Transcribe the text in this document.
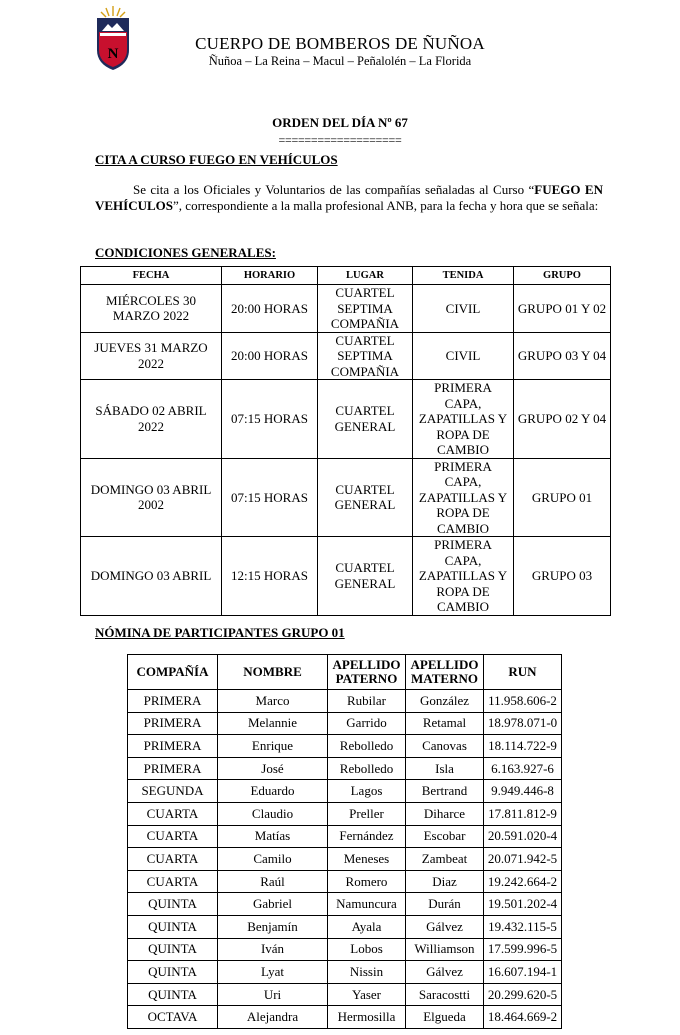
N
CUERPO DE BOMBEROS DE ÑUÑOA
Ñuñoa – La Reina – Macul – Peñalolén – La Florida
ORDEN DEL DÍA Nº 67
===================
CITA A CURSO FUEGO EN VEHÍCULOS

Se cita a los Oficiales y Voluntarios de las compañías señaladas al Curso “FUEGO EN VEHÍCULOS”, correspondiente a la malla profesional ANB, para la fecha y hora que se señala:

CONDICIONES GENERALES:
FECHA	HORARIO	LUGAR	TENIDA	GRUPO
MIÉRCOLES 30 MARZO 2022	20:00 HORAS	CUARTEL SEPTIMA COMPAÑIA	CIVIL	GRUPO 01 Y 02
JUEVES 31 MARZO 2022	20:00 HORAS	CUARTEL SEPTIMA COMPAÑIA	CIVIL	GRUPO 03 Y 04
SÁBADO 02 ABRIL 2022	07:15 HORAS	CUARTEL GENERAL	PRIMERA CAPA, ZAPATILLAS Y ROPA DE CAMBIO	GRUPO 02 Y 04
DOMINGO 03 ABRIL 2002	07:15 HORAS	CUARTEL GENERAL	PRIMERA CAPA, ZAPATILLAS Y ROPA DE CAMBIO	GRUPO 01
DOMINGO 03 ABRIL	12:15 HORAS	CUARTEL GENERAL	PRIMERA CAPA, ZAPATILLAS Y ROPA DE CAMBIO	GRUPO 03
NÓMINA DE PARTICIPANTES GRUPO 01
COMPAÑÍA	NOMBRE	APELLIDO PATERNO	APELLIDO MATERNO	RUN
PRIMERA	Marco	Rubilar	González	11.958.606-2
PRIMERA	Melannie	Garrido	Retamal	18.978.071-0
PRIMERA	Enrique	Rebolledo	Canovas	18.114.722-9
PRIMERA	José	Rebolledo	Isla	6.163.927-6
SEGUNDA	Eduardo	Lagos	Bertrand	9.949.446-8
CUARTA	Claudio	Preller	Diharce	17.811.812-9
CUARTA	Matías	Fernández	Escobar	20.591.020-4
CUARTA	Camilo	Meneses	Zambeat	20.071.942-5
CUARTA	Raúl	Romero	Diaz	19.242.664-2
QUINTA	Gabriel	Namuncura	Durán	19.501.202-4
QUINTA	Benjamín	Ayala	Gálvez	19.432.115-5
QUINTA	Iván	Lobos	Williamson	17.599.996-5
QUINTA	Lyat	Nissin	Gálvez	16.607.194-1
QUINTA	Uri	Yaser	Saracostti	20.299.620-5
OCTAVA	Alejandra	Hermosilla	Elgueda	18.464.669-2
